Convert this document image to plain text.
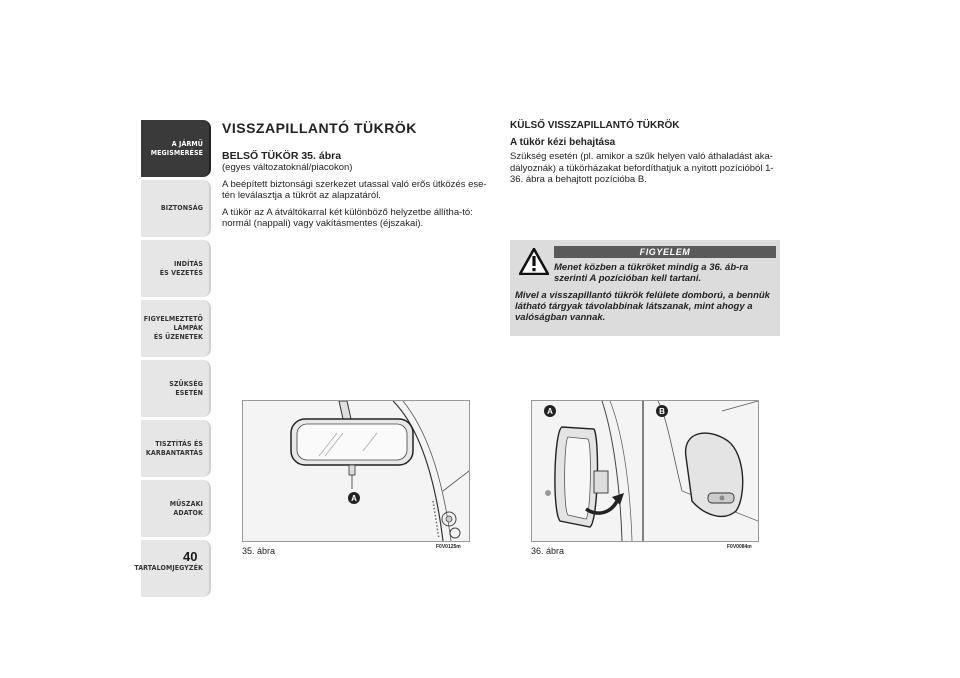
A JÁRMŰ
MEGISMERÉSE
BIZTONSÁG
INDÍTÁS
ÉS VEZETÉS
FIGYELMEZTETŐ
LÁMPÁK
ÉS ÜZENETEK
SZÜKSÉG
ESETÉN
TISZTÍTÁS ÉS
KARBANTARTÁS
MŰSZAKI
ADATOK
TARTALOMJEGYZÉK
40
VISSZAPILLANTÓ TÜKRÖK
BELSŐ TÜKÖR 35. ábra

(egyes változatoknál/piacokon)

A beépített biztonsági szerkezet utassal való erős ütközés ese-tén leválasztja a tükröt az alapzatáról.

A tükör az A átváltókarral két különböző helyzetbe állítha-tó: normál (nappali) vagy vakításmentes (éjszakai).

KÜLSŐ VISSZAPILLANTÓ TÜKRÖK
A tükör kézi behajtása

Szükség esetén (pl. amikor a szűk helyen való áthaladást aka-dályoznák) a tükörházakat befordíthatjuk a nyitott pozícióból 1-36. ábra a behajtott pozícióba B.

FIGYELEM
Menet közben a tükröket mindig a 36. áb-ra szerinti A pozícióban kell tartani.
Mivel a visszapillantó tükrök felülete domború, a bennük látható tárgyak távolabbinak látszanak, mint ahogy a valóságban vannak.
A
35. ábra	F0V0125m
A	B
36. ábra	F0V0084m
